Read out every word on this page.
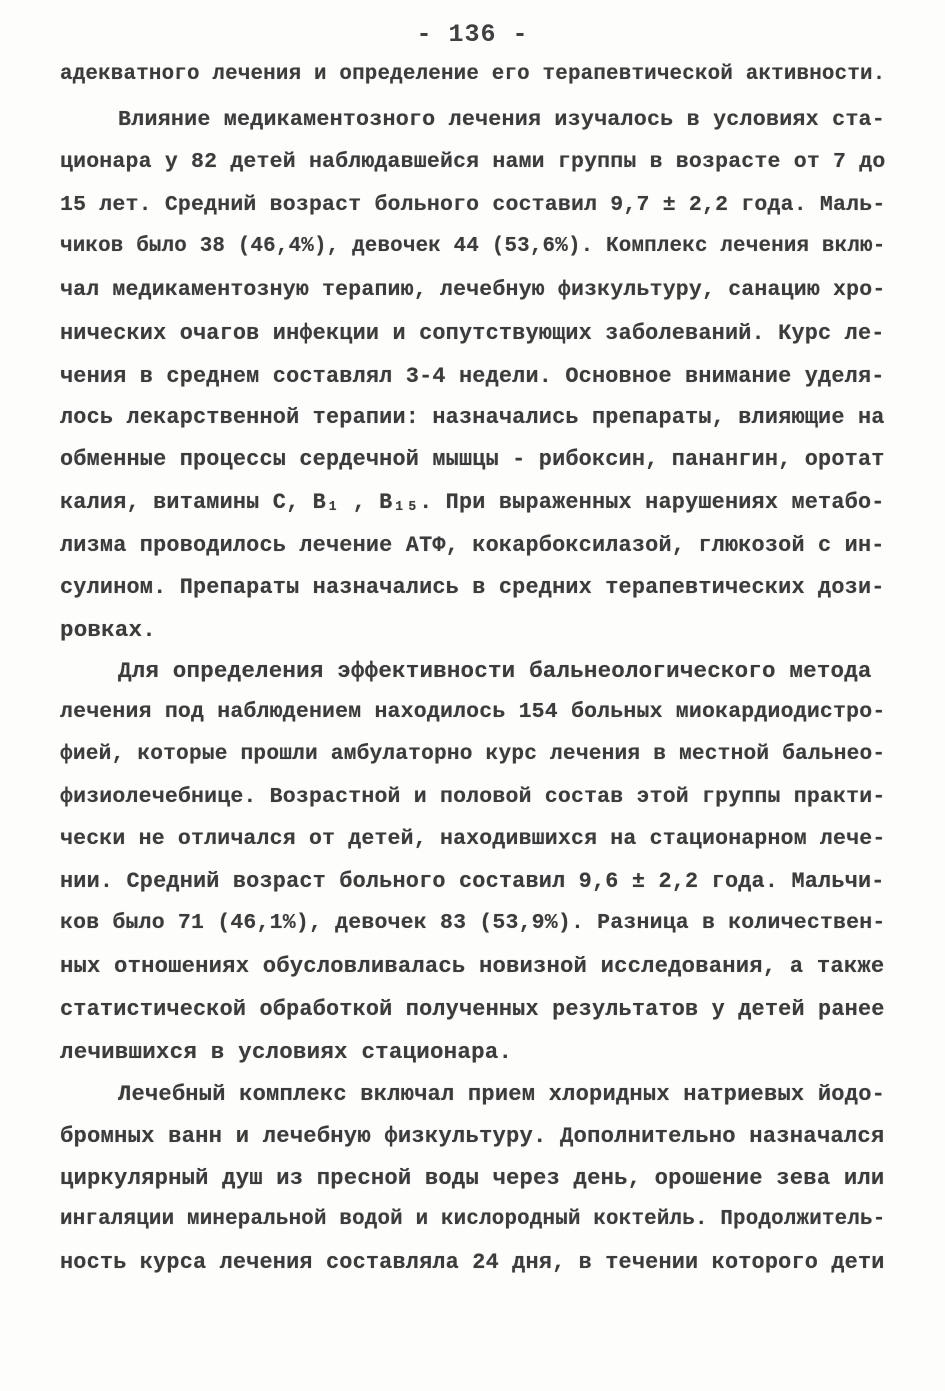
- 136 -
адекватного лечения и определение его терапевтической активности.
Влияние медикаментозного лечения изучалось в условиях ста-
ционара у 82 детей наблюдавшейся нами группы в возрасте от 7 до
15 лет. Средний возраст больного составил 9,7 ± 2,2 года. Маль-
чиков было 38 (46,4%), девочек 44 (53,6%). Комплекс лечения вклю-
чал медикаментозную терапию, лечебную физкультуру, санацию хро-
нических очагов инфекции и сопутствующих заболеваний. Курс ле-
чения в среднем составлял 3-4 недели. Основное внимание уделя-
лось лекарственной терапии: назначались препараты, влияющие на
обменные процессы сердечной мышцы - рибоксин, панангин, оротат
калия, витамины C, B₁ , B₁₅. При выраженных нарушениях метабо-
лизма проводилось лечение АТФ, кокарбоксилазой, глюкозой с ин-
сулином. Препараты назначались в средних терапевтических дози-
ровках.
Для определения эффективности бальнеологического метода
лечения под наблюдением находилось 154 больных миокардиодистро-
фией, которые прошли амбулаторно курс лечения в местной бальнео-
физиолечебнице. Возрастной и половой состав этой группы практи-
чески не отличался от детей, находившихся на стационарном лече-
нии. Средний возраст больного составил 9,6 ± 2,2 года. Мальчи-
ков было 71 (46,1%), девочек 83 (53,9%). Разница в количествен-
ных отношениях обусловливалась новизной исследования, а также
статистической обработкой полученных результатов у детей ранее
лечившихся в условиях стационара.
Лечебный комплекс включал прием хлоридных натриевых йодо-
бромных ванн и лечебную физкультуру. Дополнительно назначался
циркулярный душ из пресной воды через день, орошение зева или
ингаляции минеральной водой и кислородный коктейль. Продолжитель-
ность курса лечения составляла 24 дня, в течении которого дети
